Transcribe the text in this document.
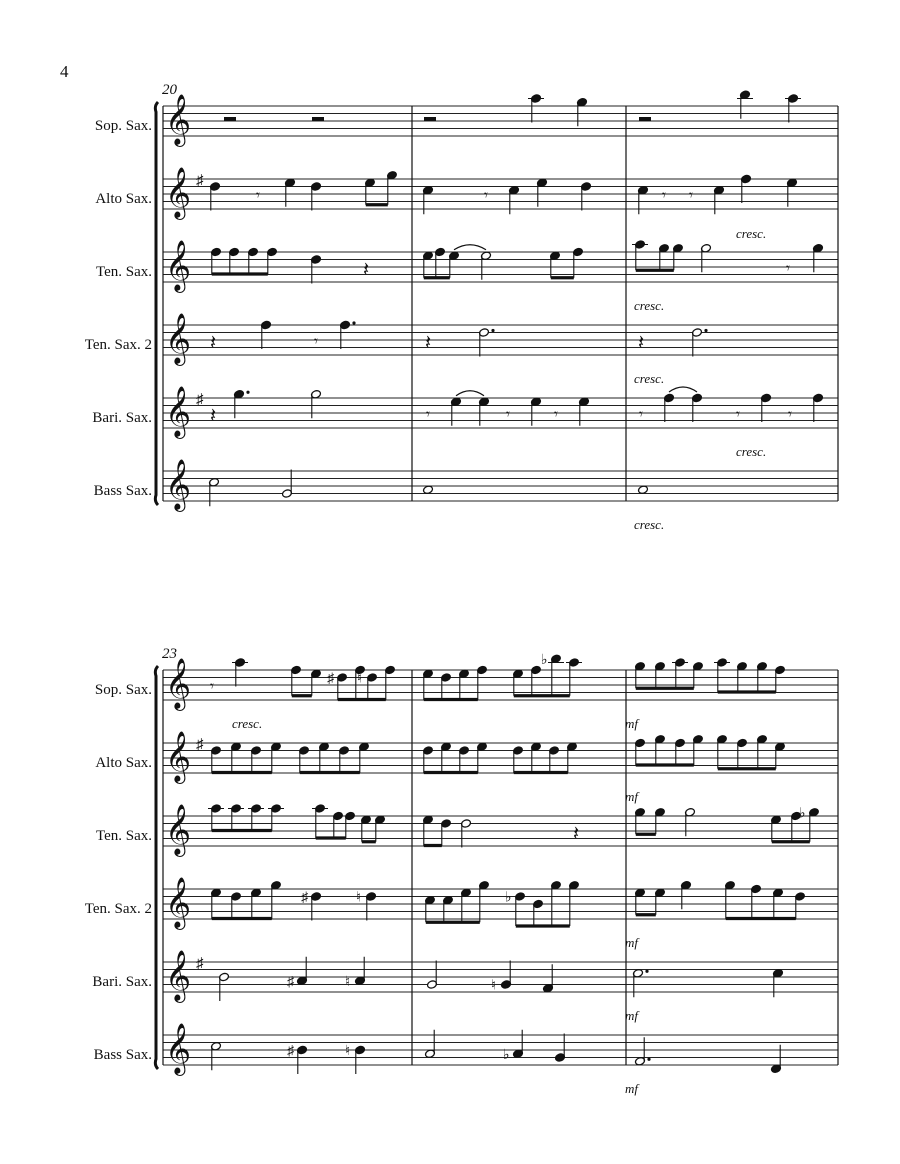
4
20
23
Sop. Sax.
Alto Sax.
Ten. Sax.
Ten. Sax. 2
Bari. Sax.
Bass Sax.
Sop. Sax.
Alto Sax.
Ten. Sax.
Ten. Sax. 2
Bari. Sax.
Bass Sax.
cresc.
cresc.
cresc.
cresc.
cresc.
cresc.	mf
mf
mf
mf
mf
𝄞
𝄞 ♯
𝄞
𝄞
𝄞 ♯
𝄞
𝄞
𝄞 ♯
𝄞
𝄞
𝄞 ♯
𝄞
𝄾	𝄾	𝄾 𝄾
𝄽	𝄾
𝄽	𝄾	𝄽	𝄽
𝄽	𝄾	𝄾	𝄾	𝄾	𝄾	𝄾
𝄾	♯ ♮
♭
𝄽
♭
♯	♮	♭
♯	♮	♮
♯	♮	♭
